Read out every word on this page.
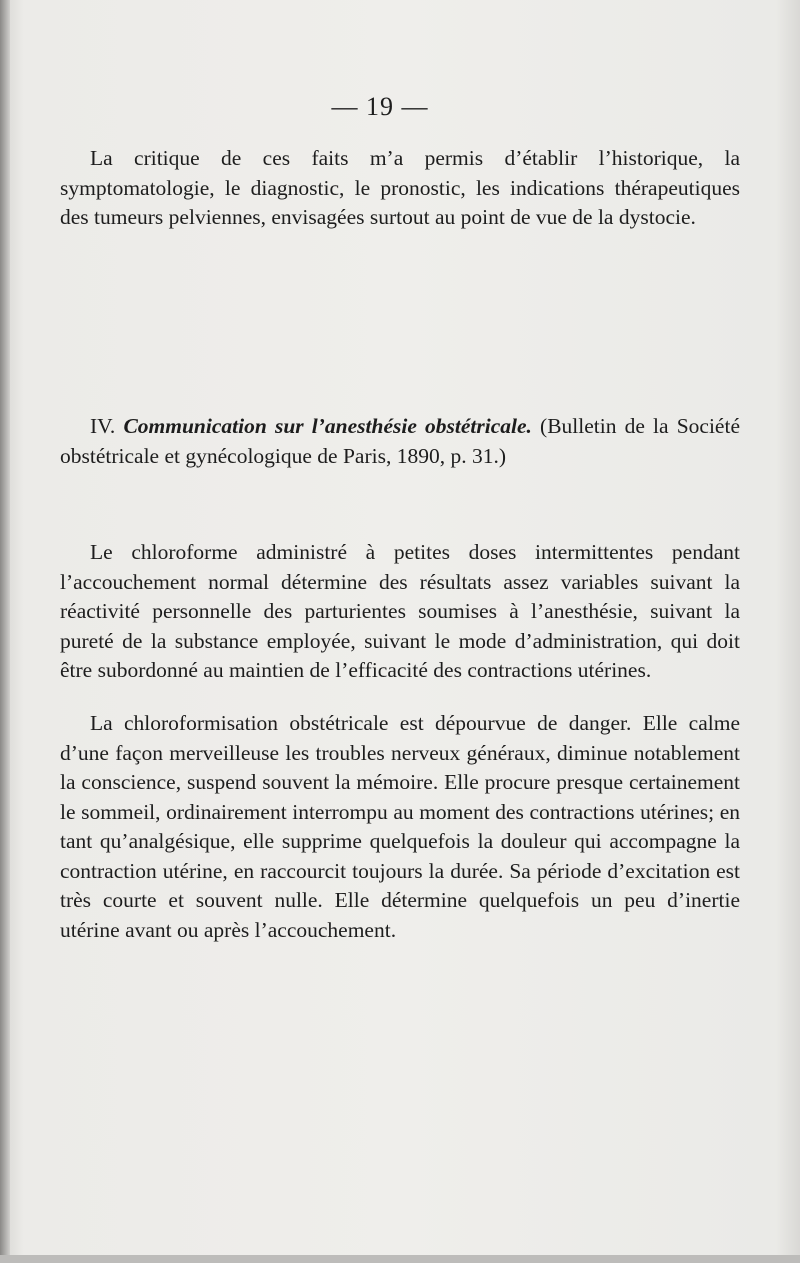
— 19 —

La critique de ces faits m’a permis d’établir l’historique, la symptomatologie, le diagnostic, le pronostic, les indications thérapeutiques des tumeurs pelviennes, envisagées surtout au point de vue de la dystocie.

IV. Communication sur l’anesthésie obstétricale. (Bulletin de la Société obstétricale et gynécologique de Paris, 1890, p. 31.)

Le chloroforme administré à petites doses intermittentes pendant l’accouchement normal détermine des résultats assez variables suivant la réactivité personnelle des parturientes soumises à l’anesthésie, suivant la pureté de la substance employée, suivant le mode d’administration, qui doit être subordonné au maintien de l’efficacité des contractions utérines.

La chloroformisation obstétricale est dépourvue de danger. Elle calme d’une façon merveilleuse les troubles nerveux généraux, diminue notablement la conscience, suspend souvent la mémoire. Elle procure presque certainement le sommeil, ordinairement interrompu au moment des contractions utérines; en tant qu’analgésique, elle supprime quelquefois la douleur qui accompagne la contraction utérine, en raccourcit toujours la durée. Sa période d’excitation est très courte et souvent nulle. Elle détermine quelquefois un peu d’inertie utérine avant ou après l’accouchement.
